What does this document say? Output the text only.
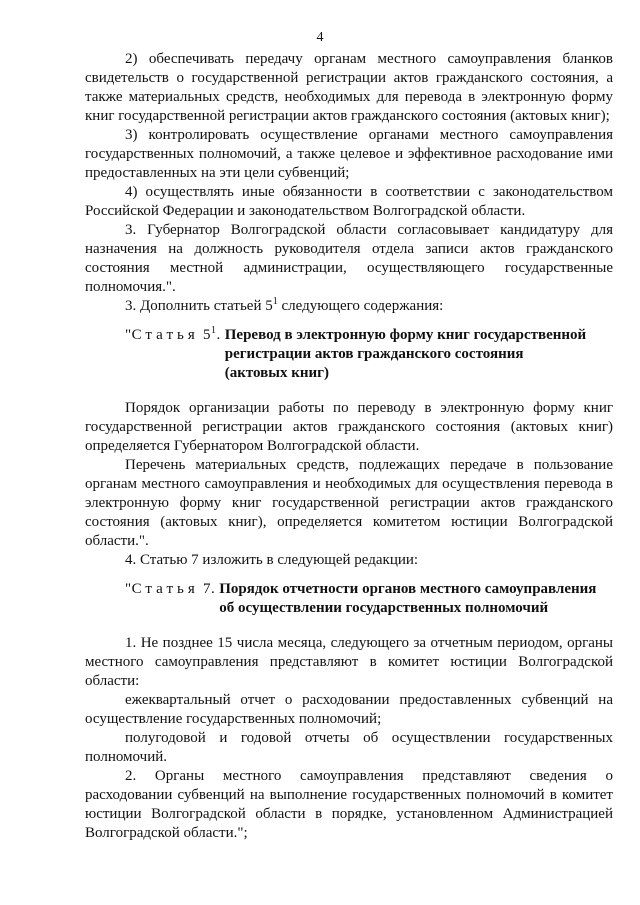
4

2) обеспечивать передачу органам местного самоуправления бланков свидетельств о государственной регистрации актов гражданского состояния, а также материальных средств, необходимых для перевода в электронную форму книг государственной регистрации актов гражданского состояния (актовых книг);

3) контролировать осуществление органами местного самоуправления государственных полномочий, а также целевое и эффективное расходование ими предоставленных на эти цели субвенций;

4) осуществлять иные обязанности в соответствии с законодательством Российской Федерации и законодательством Волгоградской области.

3. Губернатор Волгоградской области согласовывает кандидатуру для назначения на должность руководителя отдела записи актов гражданского состояния местной администрации, осуществляющего государственные полномочия.".

3. Дополнить статьей $5^1$ следующего содержания:

"Статья $5^1$. Перевод в электронную форму книг государственной
регистрации актов гражданского состояния
(актовых книг)

Порядок организации работы по переводу в электронную форму книг государственной регистрации актов гражданского состояния (актовых книг) определяется Губернатором Волгоградской области.

Перечень материальных средств, подлежащих передаче в пользование органам местного самоуправления и необходимых для осуществления перевода в электронную форму книг государственной регистрации актов гражданского состояния (актовых книг), определяется комитетом юстиции Волгоградской области.".

4. Статью 7 изложить в следующей редакции:

"Статья 7. Порядок отчетности органов местного самоуправления
об осуществлении государственных полномочий

1. Не позднее 15 числа месяца, следующего за отчетным периодом, органы местного самоуправления представляют в комитет юстиции Волгоградской области:

ежеквартальный отчет о расходовании предоставленных субвенций на осуществление государственных полномочий;

полугодовой и годовой отчеты об осуществлении государственных полномочий.

2. Органы местного самоуправления представляют сведения о расходовании субвенций на выполнение государственных полномочий в комитет юстиции Волгоградской области в порядке, установленном Администрацией Волгоградской области.";
